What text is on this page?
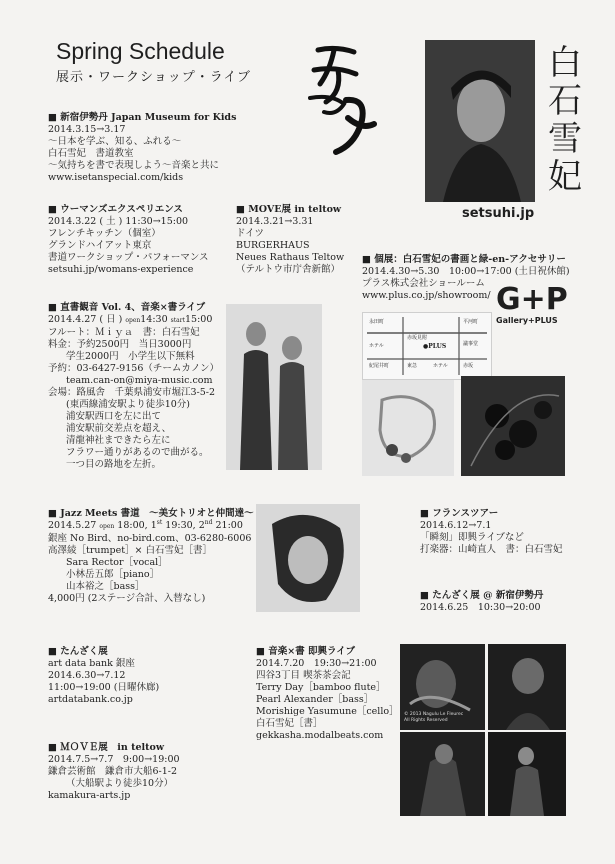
Spring Schedule
展示・ワークショップ・ライブ	白石雪妃
setsuhi.jp
■ 新宿伊勢丹 Japan Museum for Kids
2014.3.15→3.17
～日本を学ぶ、知る、ふれる～
白石雪妃　書道教室
～気持ちを書で表現しよう～音楽と共に
www.isetanspecial.com/kids
■ ウーマンズエクスペリエンス
2014.3.22 ( 土 ) 11:30→15:00
フレンチキッチン（個室）
グランドハイアット東京
書道ワークショップ・パフォーマンス
setsuhi.jp/womans-experience
■ MOVE展 in teltow
2014.3.21→3.31
ドイツ
BURGERHAUS
Neues Rathaus Teltow
（テルトウ市庁舎新館）
■ 個展：白石雪妃の書画と緑-en-アクセサリー
2014.4.30→5.30　10:00→17:00 (土日祝休館)
プラス株式会社ショールーム
www.plus.co.jp/showroom/ G+P
Gallery+PLUS
永田町
赤坂見附
●PLUS
ホテル
平河町
議事堂
紀尾井町	東急	ホテル	赤坂
■ 直書観音 Vol. 4、音楽×書ライブ
2014.4.27 ( 日 ) open14:30 start15:00
フルート：Ｍｉｙａ　書：白石雪妃
料金：予約2500円　当日3000円
学生2000円　小学生以下無料
予約：03-6427-9156（チームカノン）
team.can-on@miya-music.com
会場：路風舎　千葉県浦安市堀江3-5-2
(東西線浦安駅より徒歩10分)
浦安駅西口を左に出て
浦安駅前交差点を超え、
清龍神社まできたら左に
フラワー通りがあるので曲がる。
一つ目の路地を左折。
■ Jazz Meets 書道　～美女トリオと仲間達～
2014.5.27 open 18:00, 1st 19:30, 2nd 21:00
銀座 No Bird、no-bird.com、03-6280-6006
高澤綾［trumpet］× 白石雪妃［書］
Sara Rector［vocal］
小林岳五郎［piano］
山本裕之［bass］
4,000円 (2ステージ合計、入替なし)
■ フランスツアー
2014.6.12→7.1
「瞬刻」即興ライブなど
打楽器：山崎直人　書：白石雪妃
■ たんざく展 @ 新宿伊勢丹
2014.6.25　10:30→20:00
■ たんざく展
art data bank 銀座
2014.6.30→7.12
11:00→19:00 (日曜休廊)
artdatabank.co.jp
■ 音楽×書 即興ライブ
2014.7.20　19:30→21:00
四谷3丁目 喫茶茶会記
Terry Day［bamboo flute］
Pearl Alexander［bass］
Morishige Yasumune［cello］
白石雪妃［書］
gekkasha.modalbeats.com
■ ＭＯＶＥ展　in teltow
2014.7.5→7.7　9:00→19:00
鎌倉芸術館　鎌倉市大船6-1-2
（大船駅より徒歩10分）
kamakura-arts.jp
© 2013 Nagulu Le Fleurec
All Rights Reserved
